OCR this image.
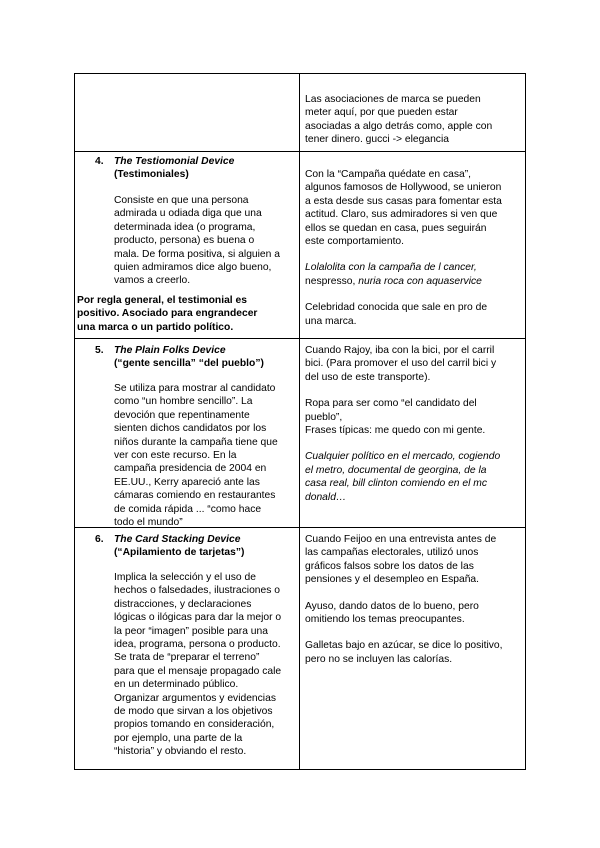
Las asociaciones de marca se pueden

meter aquí, por que pueden estar

asociadas a algo detrás como, apple con

tener dinero. gucci -> elegancia

4. The Testiomonial Device

(Testimoniales)

Consiste en que una persona

admirada u odiada diga que una

determinada idea (o programa,

producto, persona) es buena o

mala. De forma positiva, si alguien a

quien admiramos dice algo bueno,

vamos a creerlo.

Por regla general, el testimonial es

positivo. Asociado para engrandecer

una marca o un partido político.

Con la “Campaña quédate en casa”,

algunos famosos de Hollywood, se unieron

a esta desde sus casas para fomentar esta

actitud. Claro, sus admiradores si ven que

ellos se quedan en casa, pues seguirán

este comportamiento.

Lolalolita con la campaña de l cancer,

nespresso, nuria roca con aquaservice

Celebridad conocida que sale en pro de

una marca.

5. The Plain Folks Device

(“gente sencilla” “del pueblo”)

Se utiliza para mostrar al candidato

como “un hombre sencillo”. La

devoción que repentinamente

sienten dichos candidatos por los

niños durante la campaña tiene que

ver con este recurso. En la

campaña presidencia de 2004 en

EE.UU., Kerry apareció ante las

cámaras comiendo en restaurantes

de comida rápida ... “como hace

todo el mundo”

Cuando Rajoy, iba con la bici, por el carril

bici. (Para promover el uso del carril bici y

del uso de este transporte).

Ropa para ser como “el candidato del

pueblo”,

Frases típicas: me quedo con mi gente.

Cualquier político en el mercado, cogiendo

el metro, documental de georgina, de la

casa real, bill clinton comiendo en el mc

donald…

6. The Card Stacking Device

(“Apilamiento de tarjetas”)

Implica la selección y el uso de

hechos o falsedades, ilustraciones o

distracciones, y declaraciones

lógicas o ilógicas para dar la mejor o

la peor “imagen” posible para una

idea, programa, persona o producto.

Se trata de “preparar el terreno”

para que el mensaje propagado cale

en un determinado público.

Organizar argumentos y evidencias

de modo que sirvan a los objetivos

propios tomando en consideración,

por ejemplo, una parte de la

“historia” y obviando el resto.

Cuando Feijoo en una entrevista antes de

las campañas electorales, utilizó unos

gráficos falsos sobre los datos de las

pensiones y el desempleo en España.

Ayuso, dando datos de lo bueno, pero

omitiendo los temas preocupantes.

Galletas bajo en azúcar, se dice lo positivo,

pero no se incluyen las calorías.
